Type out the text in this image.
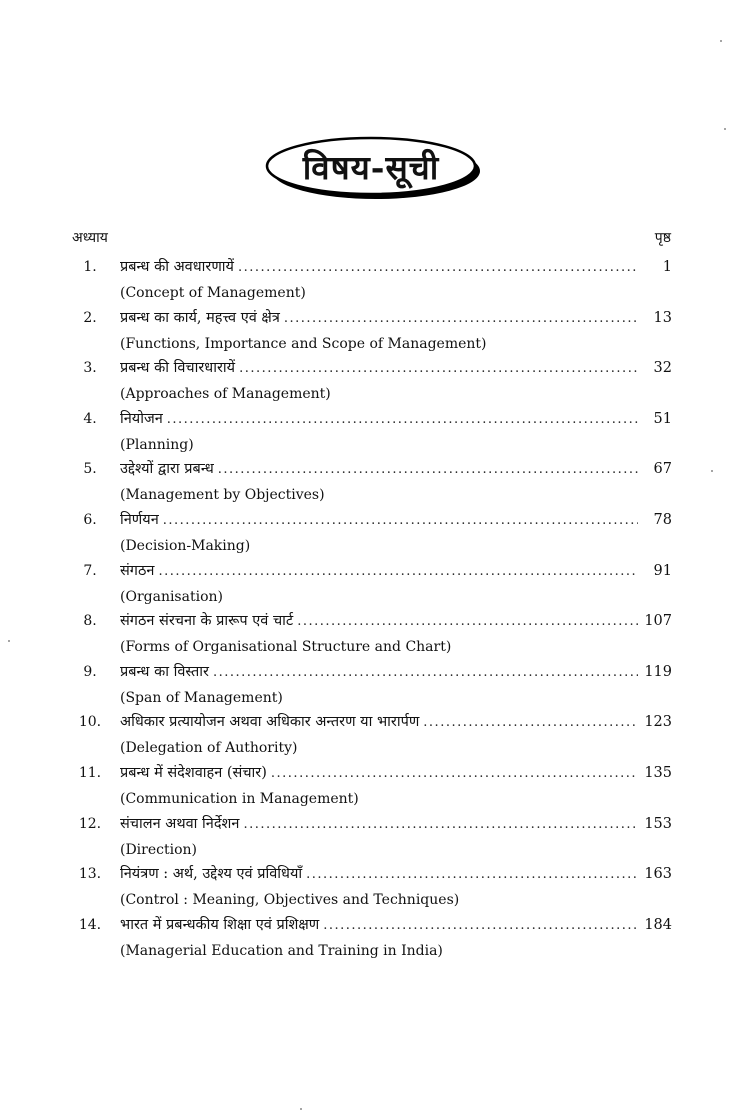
विषय-सूची
अध्याय	पृष्ठ
1.	प्रबन्ध की अवधारणायें .....	1
(Concept of Management)
2.	प्रबन्ध का कार्य, महत्त्व एवं क्षेत्र .....	13
(Functions, Importance and Scope of Management)
3.	प्रबन्ध की विचारधारायें .....	32
(Approaches of Management)
4.	नियोजन .....	51
(Planning)
5.	उद्देश्यों द्वारा प्रबन्ध .....	67
(Management by Objectives)
6.	निर्णयन .....	78
(Decision-Making)
7.	संगठन .....	91
(Organisation)
8.	संगठन संरचना के प्रारूप एवं चार्ट .....	107
(Forms of Organisational Structure and Chart)
9.	प्रबन्ध का विस्तार .....	119
(Span of Management)
10.	अधिकार प्रत्यायोजन अथवा अधिकार अन्तरण या भारार्पण .....	123
(Delegation of Authority)
11.	प्रबन्ध में संदेशवाहन (संचार) .....	135
(Communication in Management)
12.	संचालन अथवा निर्देशन .....	153
(Direction)
13.	नियंत्रण : अर्थ, उद्देश्य एवं प्रविधियाँ .....	163
(Control : Meaning, Objectives and Techniques)
14.	भारत में प्रबन्धकीय शिक्षा एवं प्रशिक्षण .....	184
(Managerial Education and Training in India)
